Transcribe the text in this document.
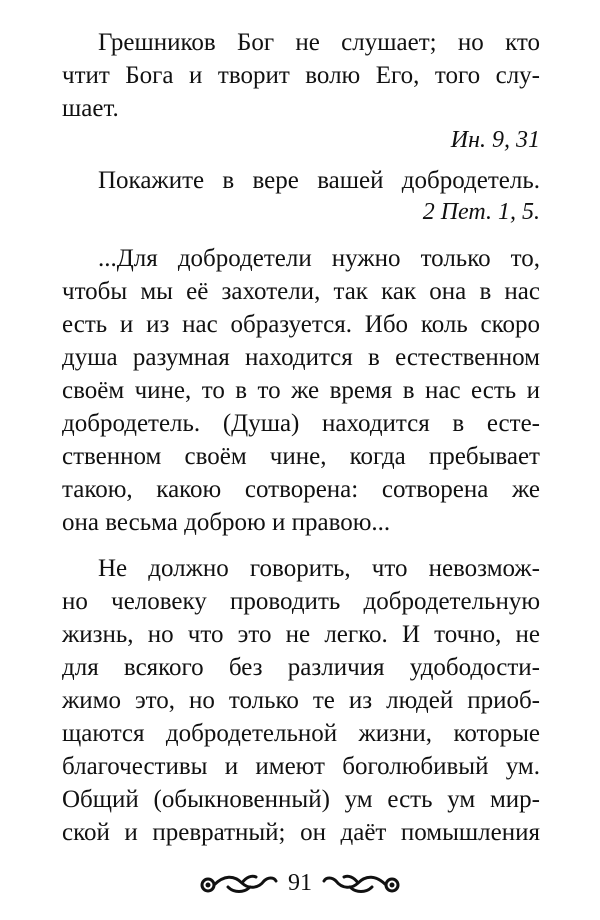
Грешников Бог не слушает; но кто
чтит Бога и творит волю Его, того слу-
шает.
Ин. 9, 31
Покажите в вере вашей добродетель.
2 Пет. 1, 5.
...Для добродетели нужно только то,
чтобы мы её захотели, так как она в нас
есть и из нас образуется. Ибо коль скоро
душа разумная находится в естественном
своём чине, то в то же время в нас есть и
добродетель. (Душа) находится в есте-
ственном своём чине, когда пребывает
такою, какою сотворена: сотворена же
она весьма доброю и правою...
Не должно говорить, что невозмож-
но человеку проводить добродетельную
жизнь, но что это не легко. И точно, не
для всякого без различия удободости-
жимо это, но только те из людей приоб-
щаются добродетельной жизни, которые
благочестивы и имеют боголюбивый ум.
Общий (обыкновенный) ум есть ум мир-
ской и превратный; он даёт помышления
91
